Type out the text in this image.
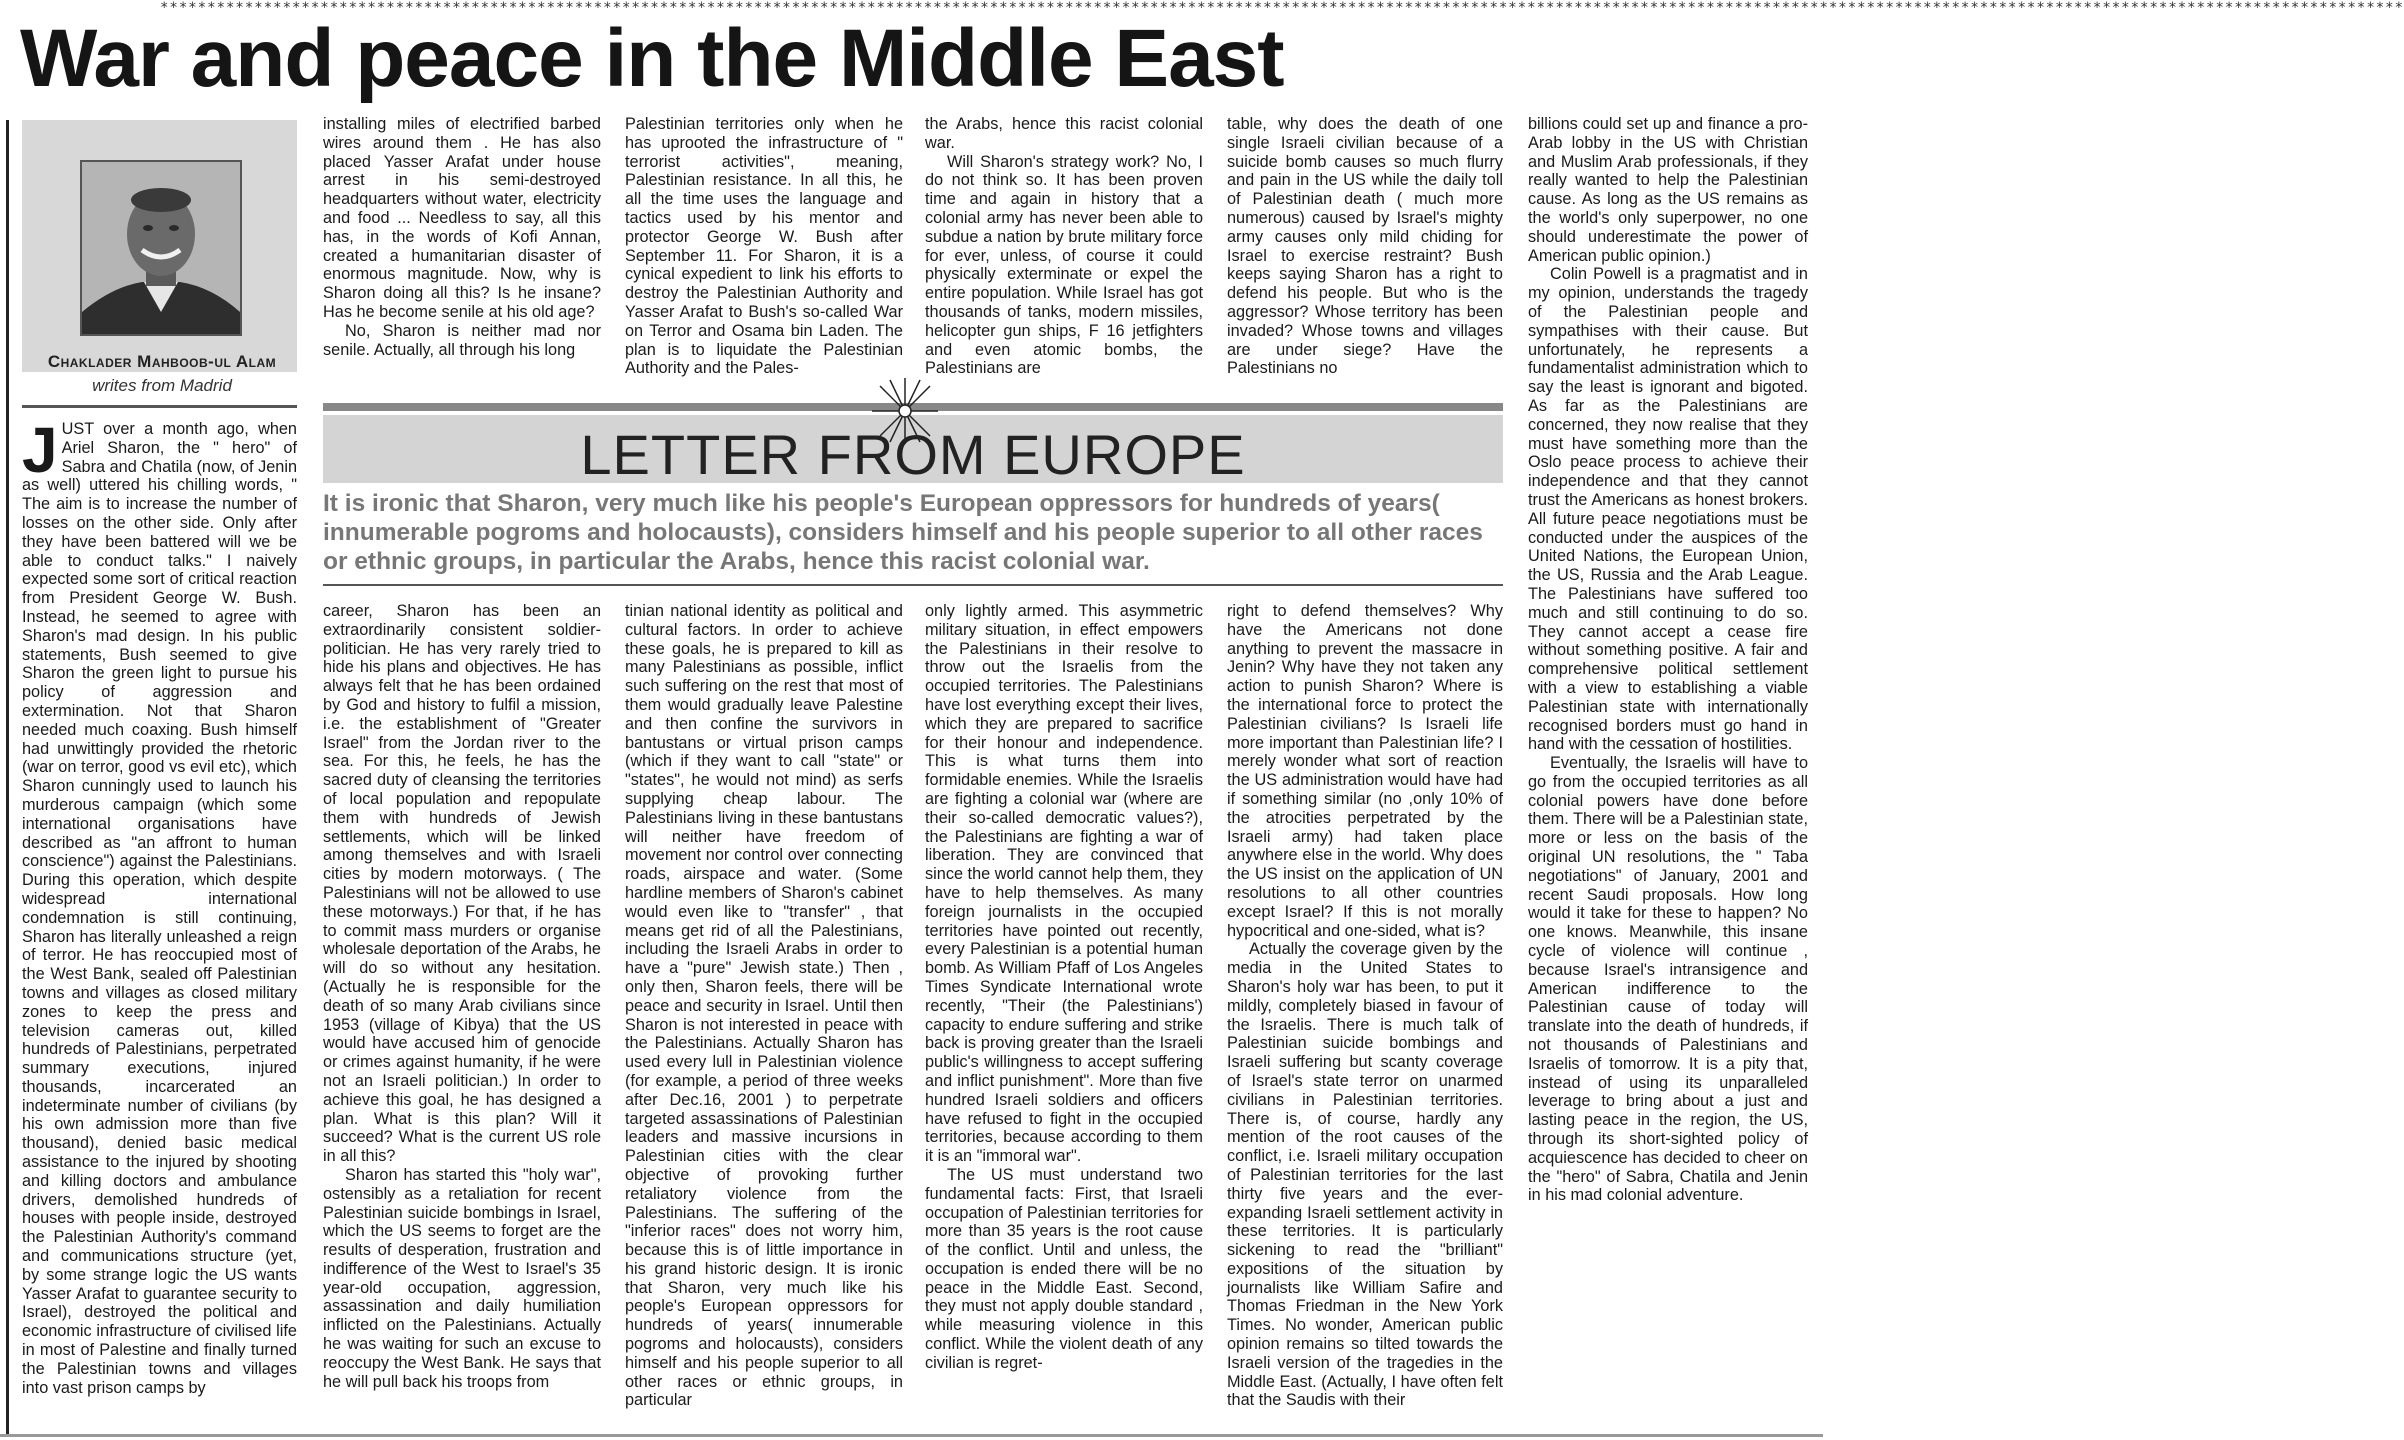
**********************************************************************************************************************************************************************************************************************************************
War and peace in the Middle East
Chaklader Mahboob-ul Alam
writes from Madrid
J UST over a month ago, when Ariel Sharon, the " hero" of Sabra and Chatila (now, of Jenin as well) uttered his chilling words, " The aim is to increase the number of losses on the other side. Only after they have been battered will we be able to conduct talks." I naively expected some sort of critical reaction from President George W. Bush. Instead, he seemed to agree with Sharon's mad design. In his public statements, Bush seemed to give Sharon the green light to pursue his policy of aggression and extermination. Not that Sharon needed much coaxing. Bush himself had unwittingly provided the rhetoric (war on terror, good vs evil etc), which Sharon cunningly used to launch his murderous campaign (which some international organisations have described as "an affront to human conscience") against the Palestinians. During this operation, which despite widespread international condemnation is still continuing, Sharon has literally unleashed a reign of terror. He has reoccupied most of the West Bank, sealed off Palestinian towns and villages as closed military zones to keep the press and television cameras out, killed hundreds of Palestinians, perpetrated summary executions, injured thousands, incarcerated an indeterminate number of civilians (by his own admission more than five thousand), denied basic medical assistance to the injured by shooting and killing doctors and ambulance drivers, demolished hundreds of houses with people inside, destroyed the Palestinian Authority's command and communications structure (yet, by some strange logic the US wants Yasser Arafat to guarantee security to Israel), destroyed the political and economic infrastructure of civilised life in most of Palestine and finally turned the Palestinian towns and villages into vast prison camps by

installing miles of electrified barbed wires around them . He has also placed Yasser Arafat under house arrest in his semi-destroyed headquarters without water, electricity and food ... Needless to say, all this has, in the words of Kofi Annan, created a humanitarian disaster of enormous magnitude. Now, why is Sharon doing all this? Is he insane? Has he become senile at his old age?

No, Sharon is neither mad nor senile. Actually, all through his long

Palestinian territories only when he has uprooted the infrastructure of " terrorist activities", meaning, Palestinian resistance. In all this, he all the time uses the language and tactics used by his mentor and protector George W. Bush after September 11. For Sharon, it is a cynical expedient to link his efforts to destroy the Palestinian Authority and Yasser Arafat to Bush's so-called War on Terror and Osama bin Laden. The plan is to liquidate the Palestinian Authority and the Pales-

the Arabs, hence this racist colonial war.

Will Sharon's strategy work? No, I do not think so. It has been proven time and again in history that a colonial army has never been able to subdue a nation by brute military force for ever, unless, of course it could physically exterminate or expel the entire population. While Israel has got thousands of tanks, modern missiles, helicopter gun ships, F 16 jetfighters and even atomic bombs, the Palestinians are

table, why does the death of one single Israeli civilian because of a suicide bomb causes so much flurry and pain in the US while the daily toll of Palestinian death ( much more numerous) caused by Israel's mighty army causes only mild chiding for Israel to exercise restraint? Bush keeps saying Sharon has a right to defend his people. But who is the aggressor? Whose territory has been invaded? Whose towns and villages are under siege? Have the Palestinians no

billions could set up and finance a pro-Arab lobby in the US with Christian and Muslim Arab professionals, if they really wanted to help the Palestinian cause. As long as the US remains as the world's only superpower, no one should underestimate the power of American public opinion.)

Colin Powell is a pragmatist and in my opinion, understands the tragedy of the Palestinian people and sympathises with their cause. But unfortunately, he represents a fundamentalist administration which to say the least is ignorant and bigoted. As far as the Palestinians are concerned, they now realise that they must have something more than the Oslo peace process to achieve their independence and that they cannot trust the Americans as honest brokers. All future peace negotiations must be conducted under the auspices of the United Nations, the European Union, the US, Russia and the Arab League. The Palestinians have suffered too much and still continuing to do so. They cannot accept a cease fire without something positive. A fair and comprehensive political settlement with a view to establishing a viable Palestinian state with internationally recognised borders must go hand in hand with the cessation of hostilities.

Eventually, the Israelis will have to go from the occupied territories as all colonial powers have done before them. There will be a Palestinian state, more or less on the basis of the original UN resolutions, the " Taba negotiations" of January, 2001 and recent Saudi proposals. How long would it take for these to happen? No one knows. Meanwhile, this insane cycle of violence will continue , because Israel's intransigence and American indifference to the Palestinian cause of today will translate into the death of hundreds, if not thousands of Palestinians and Israelis of tomorrow. It is a pity that, instead of using its unparalleled leverage to bring about a just and lasting peace in the region, the US, through its short-sighted policy of acquiescence has decided to cheer on the "hero" of Sabra, Chatila and Jenin in his mad colonial adventure.

LETTER FROM EUROPE
It is ironic that Sharon, very much like his people's European oppressors for hundreds of years( innumerable pogroms and holocausts), considers himself and his people superior to all other races or ethnic groups, in particular the Arabs, hence this racist colonial war.

career, Sharon has been an extraordinarily consistent soldier-politician. He has very rarely tried to hide his plans and objectives. He has always felt that he has been ordained by God and history to fulfil a mission, i.e. the establishment of "Greater Israel" from the Jordan river to the sea. For this, he feels, he has the sacred duty of cleansing the territories of local population and repopulate them with hundreds of Jewish settlements, which will be linked among themselves and with Israeli cities by modern motorways. ( The Palestinians will not be allowed to use these motorways.) For that, if he has to commit mass murders or organise wholesale deportation of the Arabs, he will do so without any hesitation. (Actually he is responsible for the death of so many Arab civilians since 1953 (village of Kibya) that the US would have accused him of genocide or crimes against humanity, if he were not an Israeli politician.) In order to achieve this goal, he has designed a plan. What is this plan? Will it succeed? What is the current US role in all this?

Sharon has started this "holy war", ostensibly as a retaliation for recent Palestinian suicide bombings in Israel, which the US seems to forget are the results of desperation, frustration and indifference of the West to Israel's 35 year-old occupation, aggression, assassination and daily humiliation inflicted on the Palestinians. Actually he was waiting for such an excuse to reoccupy the West Bank. He says that he will pull back his troops from

tinian national identity as political and cultural factors. In order to achieve these goals, he is prepared to kill as many Palestinians as possible, inflict such suffering on the rest that most of them would gradually leave Palestine and then confine the survivors in bantustans or virtual prison camps (which if they want to call "state" or "states", he would not mind) as serfs supplying cheap labour. The Palestinians living in these bantustans will neither have freedom of movement nor control over connecting roads, airspace and water. (Some hardline members of Sharon's cabinet would even like to "transfer" , that means get rid of all the Palestinians, including the Israeli Arabs in order to have a "pure" Jewish state.) Then , only then, Sharon feels, there will be peace and security in Israel. Until then Sharon is not interested in peace with the Palestinians. Actually Sharon has used every lull in Palestinian violence (for example, a period of three weeks after Dec.16, 2001 ) to perpetrate targeted assassinations of Palestinian leaders and massive incursions in Palestinian cities with the clear objective of provoking further retaliatory violence from the Palestinians. The suffering of the "inferior races" does not worry him, because this is of little importance in his grand historic design. It is ironic that Sharon, very much like his people's European oppressors for hundreds of years( innumerable pogroms and holocausts), considers himself and his people superior to all other races or ethnic groups, in particular

only lightly armed. This asymmetric military situation, in effect empowers the Palestinians in their resolve to throw out the Israelis from the occupied territories. The Palestinians have lost everything except their lives, which they are prepared to sacrifice for their honour and independence. This is what turns them into formidable enemies. While the Israelis are fighting a colonial war (where are their so-called democratic values?), the Palestinians are fighting a war of liberation. They are convinced that since the world cannot help them, they have to help themselves. As many foreign journalists in the occupied territories have pointed out recently, every Palestinian is a potential human bomb. As William Pfaff of Los Angeles Times Syndicate International wrote recently, "Their (the Palestinians') capacity to endure suffering and strike back is proving greater than the Israeli public's willingness to accept suffering and inflict punishment". More than five hundred Israeli soldiers and officers have refused to fight in the occupied territories, because according to them it is an "immoral war".

The US must understand two fundamental facts: First, that Israeli occupation of Palestinian territories for more than 35 years is the root cause of the conflict. Until and unless, the occupation is ended there will be no peace in the Middle East. Second, they must not apply double standard , while measuring violence in this conflict. While the violent death of any civilian is regret-

right to defend themselves? Why have the Americans not done anything to prevent the massacre in Jenin? Why have they not taken any action to punish Sharon? Where is the international force to protect the Palestinian civilians? Is Israeli life more important than Palestinian life? I merely wonder what sort of reaction the US administration would have had if something similar (no ,only 10% of the atrocities perpetrated by the Israeli army) had taken place anywhere else in the world. Why does the US insist on the application of UN resolutions to all other countries except Israel? If this is not morally hypocritical and one-sided, what is?

Actually the coverage given by the media in the United States to Sharon's holy war has been, to put it mildly, completely biased in favour of the Israelis. There is much talk of Palestinian suicide bombings and Israeli suffering but scanty coverage of Israel's state terror on unarmed civilians in Palestinian territories. There is, of course, hardly any mention of the root causes of the conflict, i.e. Israeli military occupation of Palestinian territories for the last thirty five years and the ever-expanding Israeli settlement activity in these territories. It is particularly sickening to read the "brilliant" expositions of the situation by journalists like William Safire and Thomas Friedman in the New York Times. No wonder, American public opinion remains so tilted towards the Israeli version of the tragedies in the Middle East. (Actually, I have often felt that the Saudis with their
